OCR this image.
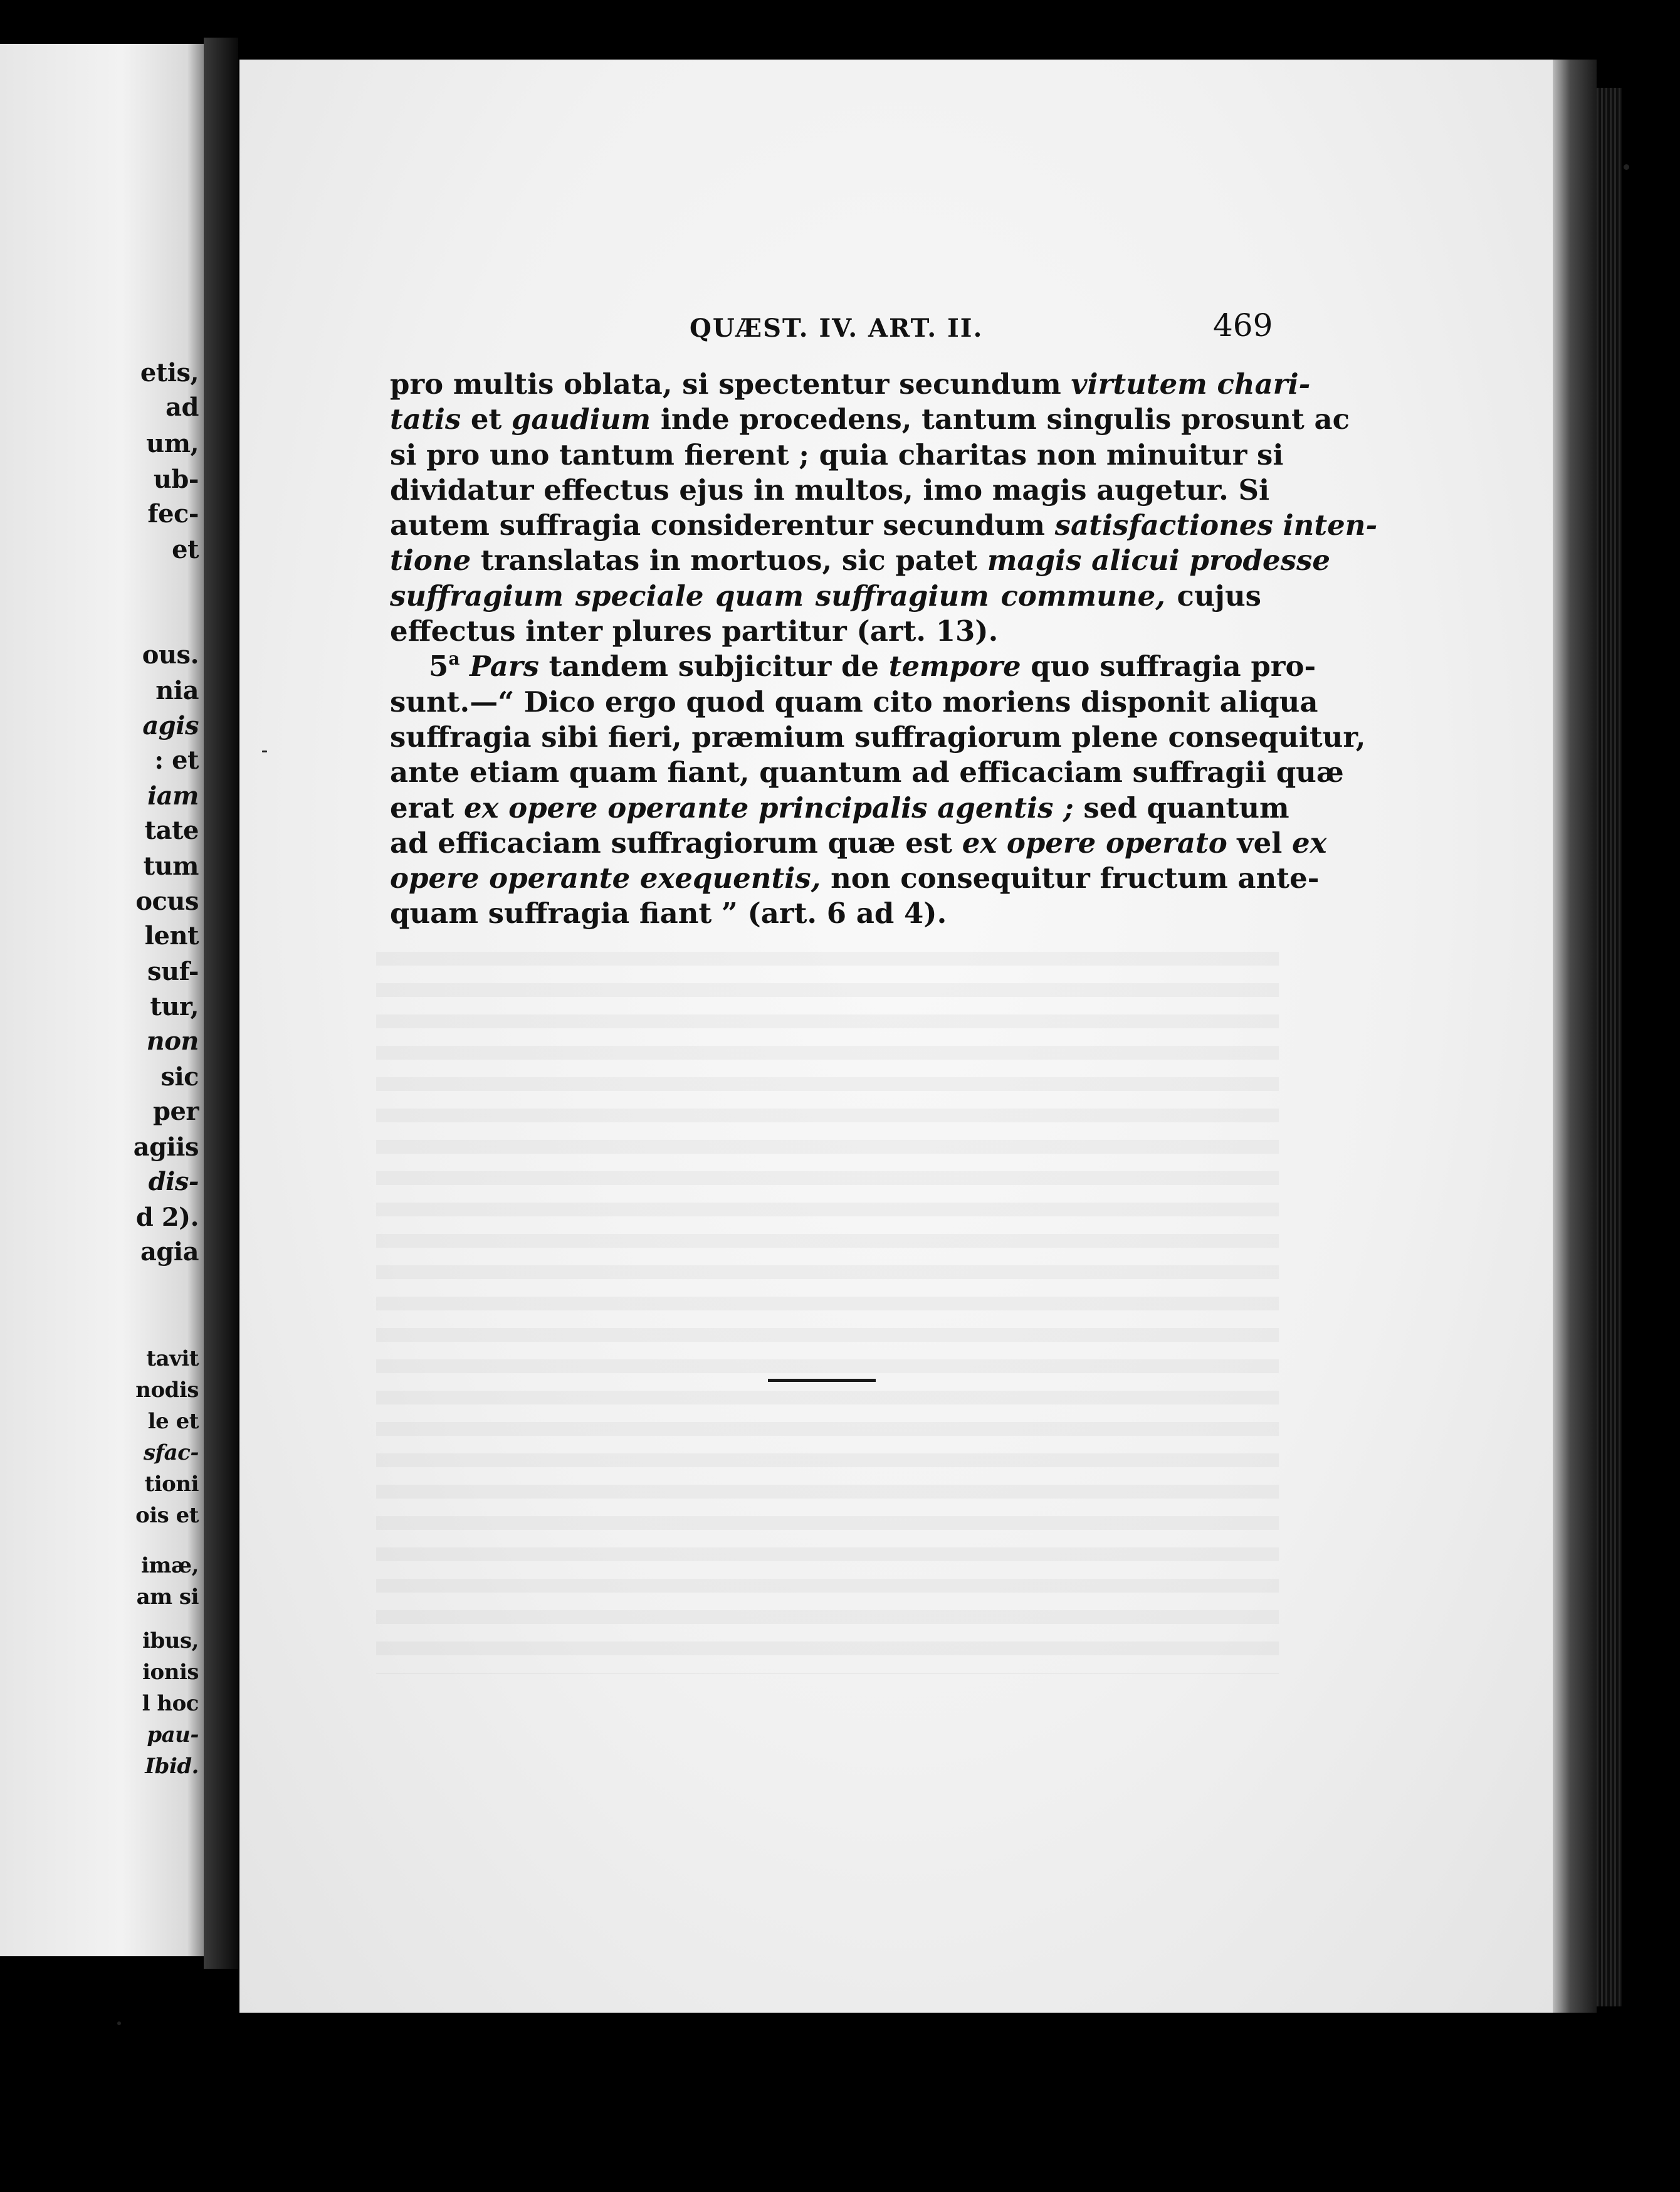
etis,
ad
um,
ub-
fec-
et
ous.
nia
agis
: et
iam
tate
tum
ocus
lent
suf-
tur,
non
sic
per
agiis
dis-
d 2).
agia
tavit
nodis
le et
sfac-
tioni
ois et
imæ,
am si
ibus,
ionis
l hoc
pau-
Ibid.
QUÆST. IV. ART. II.	469
pro multis oblata, si spectentur secundum virtutem chari-
tatis et gaudium inde procedens, tantum singulis prosunt ac
si pro uno tantum fierent ; quia charitas non minuitur si
dividatur effectus ejus in multos, imo magis augetur. Si
autem suffragia considerentur secundum satisfactiones inten-
tione translatas in mortuos, sic patet magis alicui prodesse
suffragium speciale quam suffragium commune, cujus
effectus inter plures partitur (art. 13).
5$^a$ Pars tandem subjicitur de tempore quo suffragia pro-
sunt.—“ Dico ergo quod quam cito moriens disponit aliqua
suffragia sibi fieri, præmium suffragiorum plene consequitur,
ante etiam quam fiant, quantum ad efficaciam suffragii quæ
erat ex opere operante principalis agentis ; sed quantum
ad efficaciam suffragiorum quæ est ex opere operato vel ex
opere operante exequentis, non consequitur fructum ante-
quam suffragia fiant ” (art. 6 ad 4).
